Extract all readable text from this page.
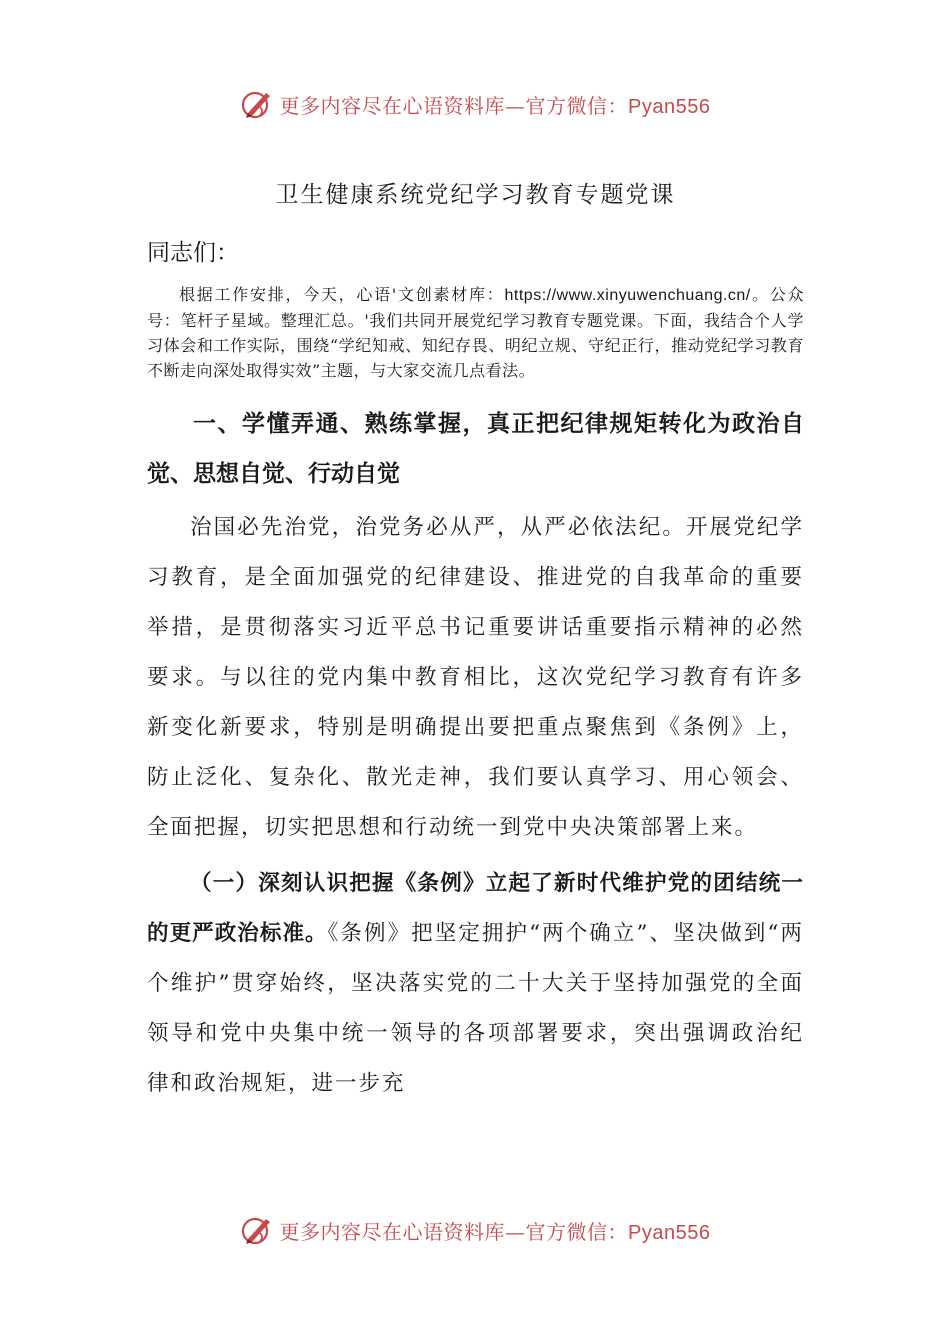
更多内容尽在心语资料库—官方微信：Pyan556
卫生健康系统党纪学习教育专题党课
同志们：

根据工作安排，今天，心语'文创素材库：https://www.xinyuwenchuang.cn/。公众号：笔杆子星域。整理汇总。'我们共同开展党纪学习教育专题党课。下面，我结合个人学习体会和工作实际，围绕“学纪知戒、知纪存畏、明纪立规、守纪正行，推动党纪学习教育不断走向深处取得实效”主题，与大家交流几点看法。

一、学懂弄通、熟练掌握，真正把纪律规矩转化为政治自觉、思想自觉、行动自觉

治国必先治党，治党务必从严，从严必依法纪。开展党纪学习教育，是全面加强党的纪律建设、推进党的自我革命的重要举措，是贯彻落实习近平总书记重要讲话重要指示精神的必然要求。与以往的党内集中教育相比，这次党纪学习教育有许多新变化新要求，特别是明确提出要把重点聚焦到《条例》上，防止泛化、复杂化、散光走神，我们要认真学习、用心领会、全面把握，切实把思想和行动统一到党中央决策部署上来。

（一）深刻认识把握《条例》立起了新时代维护党的团结统一的更严政治标准。《条例》把坚定拥护“两个确立”、坚决做到“两个维护”贯穿始终，坚决落实党的二十大关于坚持加强党的全面领导和党中央集中统一领导的各项部署要求，突出强调政治纪律和政治规矩，进一步充

更多内容尽在心语资料库—官方微信：Pyan556
